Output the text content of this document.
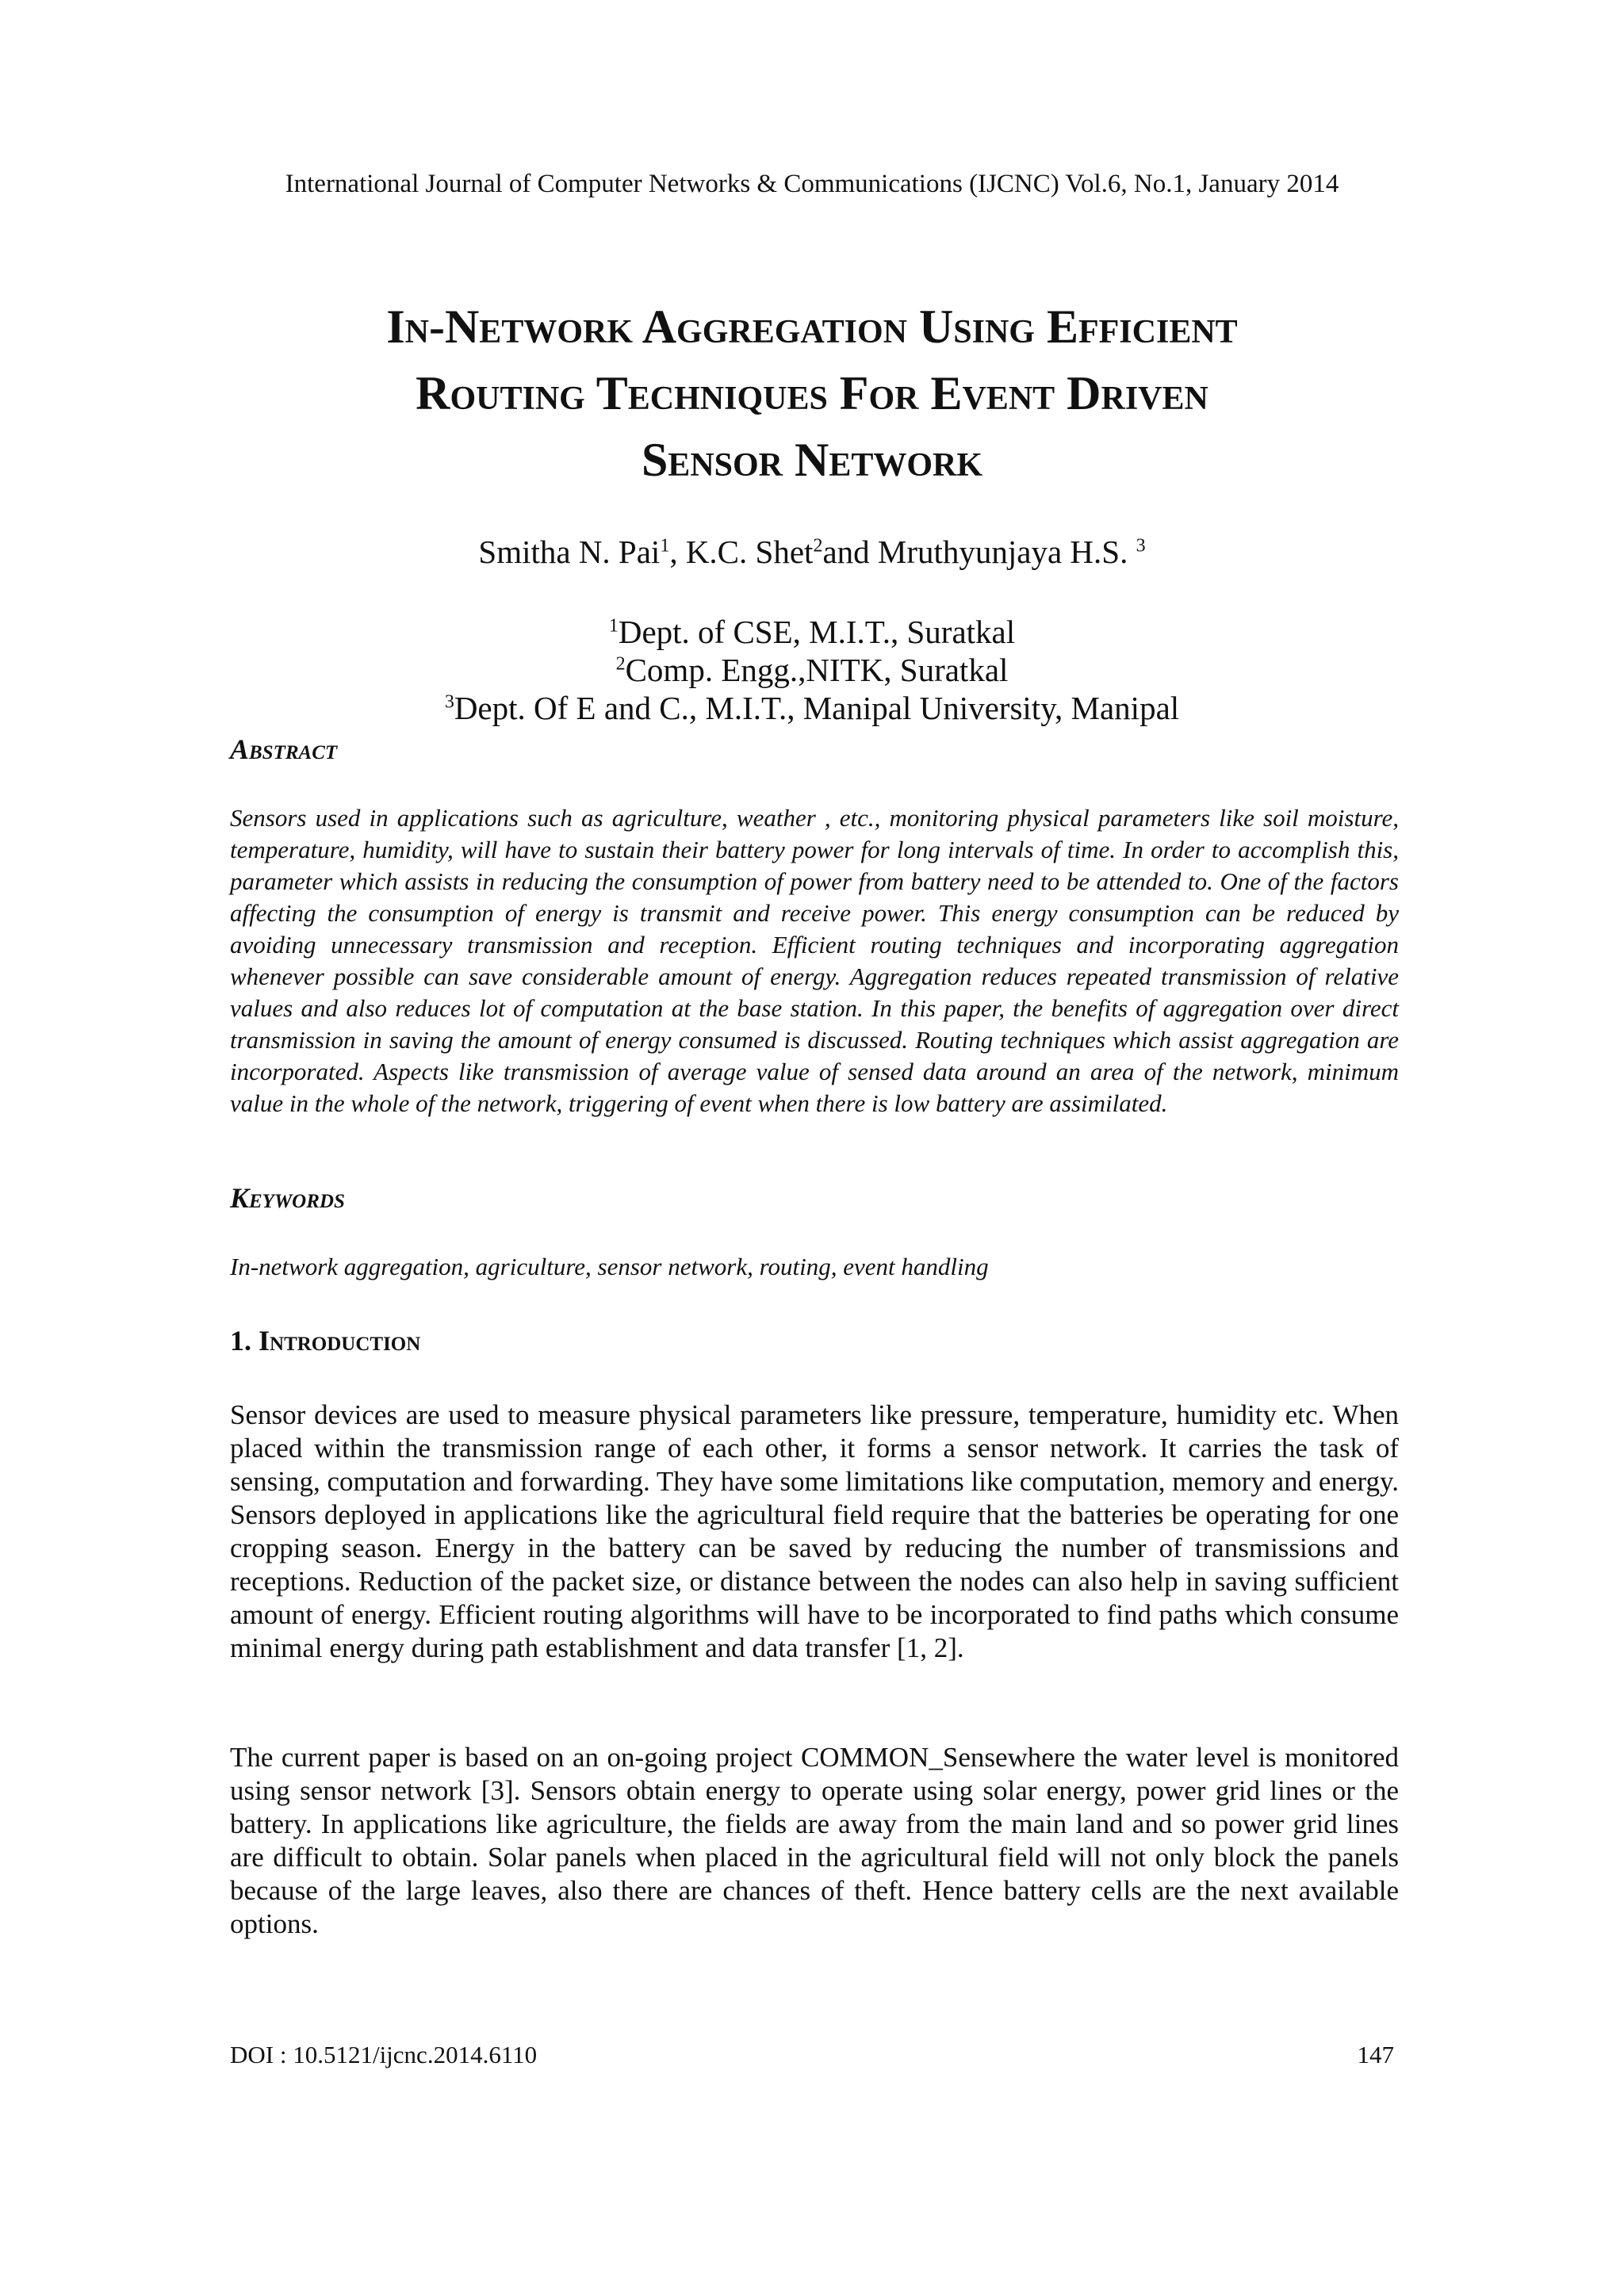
International Journal of Computer Networks & Communications (IJCNC) Vol.6, No.1, January 2014
In-Network Aggregation Using Efficient
Routing Techniques For Event Driven
Sensor Network
Smitha N. Pai$^1$, K.C. Shet$^2$and Mruthyunjaya H.S. $^3$
$^1$Dept. of CSE, M.I.T., Suratkal
$^2$Comp. Engg.,NITK, Suratkal
$^3$Dept. Of E and C., M.I.T., Manipal University, Manipal
Abstract
Sensors used in applications such as agriculture, weather , etc., monitoring physical parameters like soil moisture, temperature, humidity, will have to sustain their battery power for long intervals of time. In order to accomplish this, parameter which assists in reducing the consumption of power from battery need to be attended to. One of the factors affecting the consumption of energy is transmit and receive power. This energy consumption can be reduced by avoiding unnecessary transmission and reception. Efficient routing techniques and incorporating aggregation whenever possible can save considerable amount of energy. Aggregation reduces repeated transmission of relative values and also reduces lot of computation at the base station. In this paper, the benefits of aggregation over direct transmission in saving the amount of energy consumed is discussed. Routing techniques which assist aggregation are incorporated. Aspects like transmission of average value of sensed data around an area of the network, minimum value in the whole of the network, triggering of event when there is low battery are assimilated.
Keywords
In-network aggregation, agriculture, sensor network, routing, event handling
1. Introduction
Sensor devices are used to measure physical parameters like pressure, temperature, humidity etc. When placed within the transmission range of each other, it forms a sensor network. It carries the task of sensing, computation and forwarding. They have some limitations like computation, memory and energy. Sensors deployed in applications like the agricultural field require that the batteries be operating for one cropping season. Energy in the battery can be saved by reducing the number of transmissions and receptions. Reduction of the packet size, or distance between the nodes can also help in saving sufficient amount of energy. Efficient routing algorithms will have to be incorporated to find paths which consume minimal energy during path establishment and data transfer [1, 2].
The current paper is based on an on-going project COMMON_Sensewhere the water level is monitored using sensor network [3]. Sensors obtain energy to operate using solar energy, power grid lines or the battery. In applications like agriculture, the fields are away from the main land and so power grid lines are difficult to obtain. Solar panels when placed in the agricultural field will not only block the panels because of the large leaves, also there are chances of theft. Hence battery cells are the next available options.
DOI : 10.5121/ijcnc.2014.6110	147
